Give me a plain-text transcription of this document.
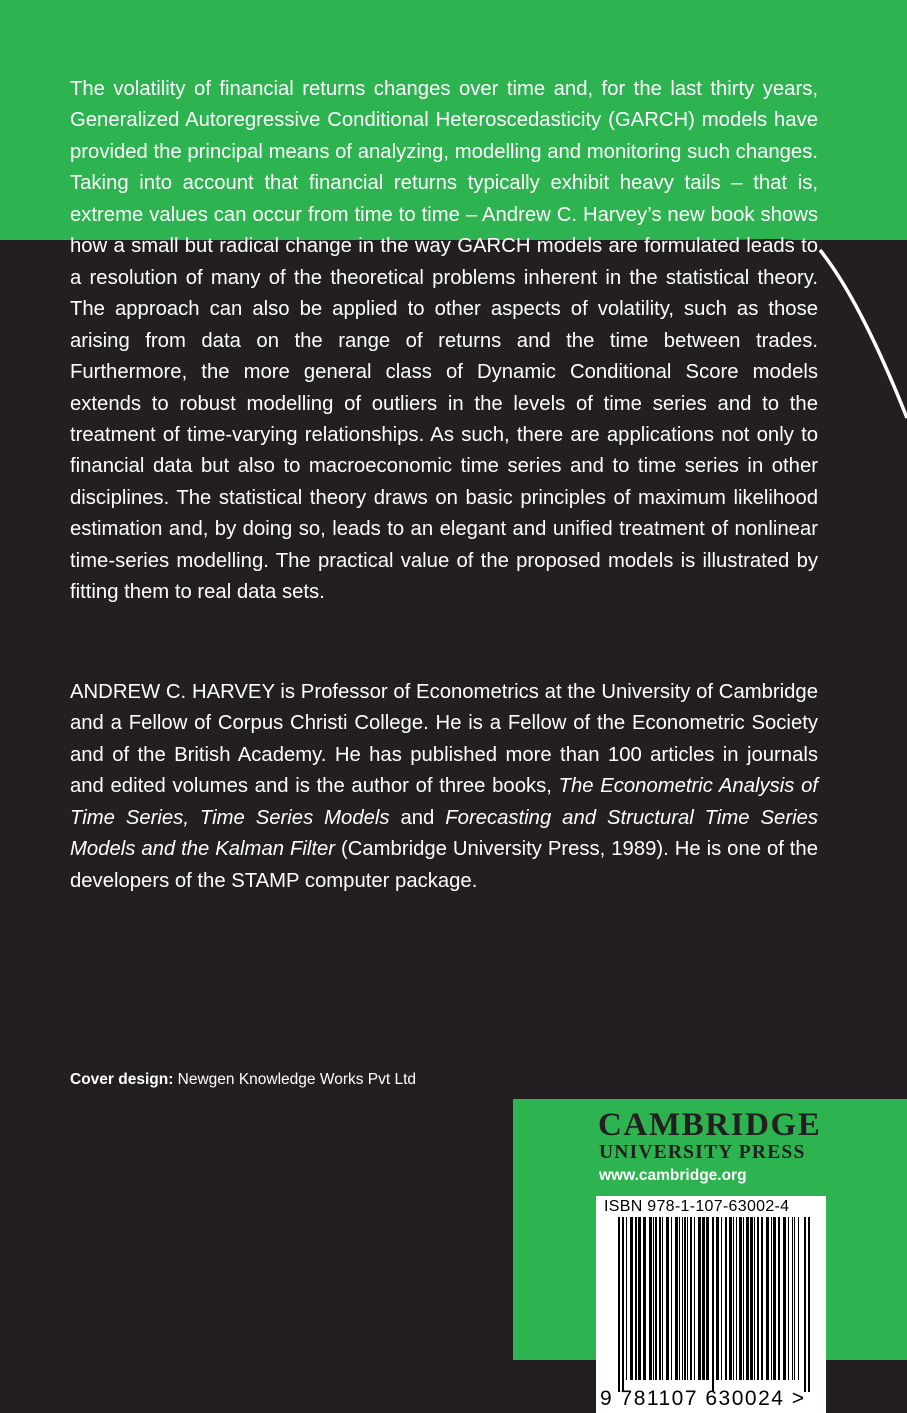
The volatility of financial returns changes over time and, for the last thirty years, Generalized Autoregressive Conditional Heteroscedasticity (GARCH) models have provided the principal means of analyzing, modelling and monitoring such changes. Taking into account that financial returns typically exhibit heavy tails – that is, extreme values can occur from time to time – Andrew C. Harvey’s new book shows how a small but radical change in the way GARCH models are formulated leads to a resolution of many of the theoretical problems inherent in the statistical theory. The approach can also be applied to other aspects of volatility, such as those arising from data on the range of returns and the time between trades. Furthermore, the more general class of Dynamic Conditional Score models extends to robust modelling of outliers in the levels of time series and to the treatment of time-varying relationships. As such, there are applications not only to financial data but also to macroeconomic time series and to time series in other disciplines. The statistical theory draws on basic principles of maximum likelihood estimation and, by doing so, leads to an elegant and unified treatment of nonlinear time-series modelling. The practical value of the proposed models is illustrated by fitting them to real data sets.

ANDREW C. HARVEY is Professor of Econometrics at the University of Cambridge and a Fellow of Corpus Christi College. He is a Fellow of the Econometric Society and of the British Academy. He has published more than 100 articles in journals and edited volumes and is the author of three books, The Econometric Analysis of Time Series, Time Series Models and Forecasting and Structural Time Series Models and the Kalman Filter (Cambridge University Press, 1989). He is one of the developers of the STAMP computer package.

Cover design: Newgen Knowledge Works Pvt Ltd
CAMBRIDGE
UNIVERSITY PRESS
www.cambridge.org
ISBN 978-1-107-63002-4
9 781107 630024 >
